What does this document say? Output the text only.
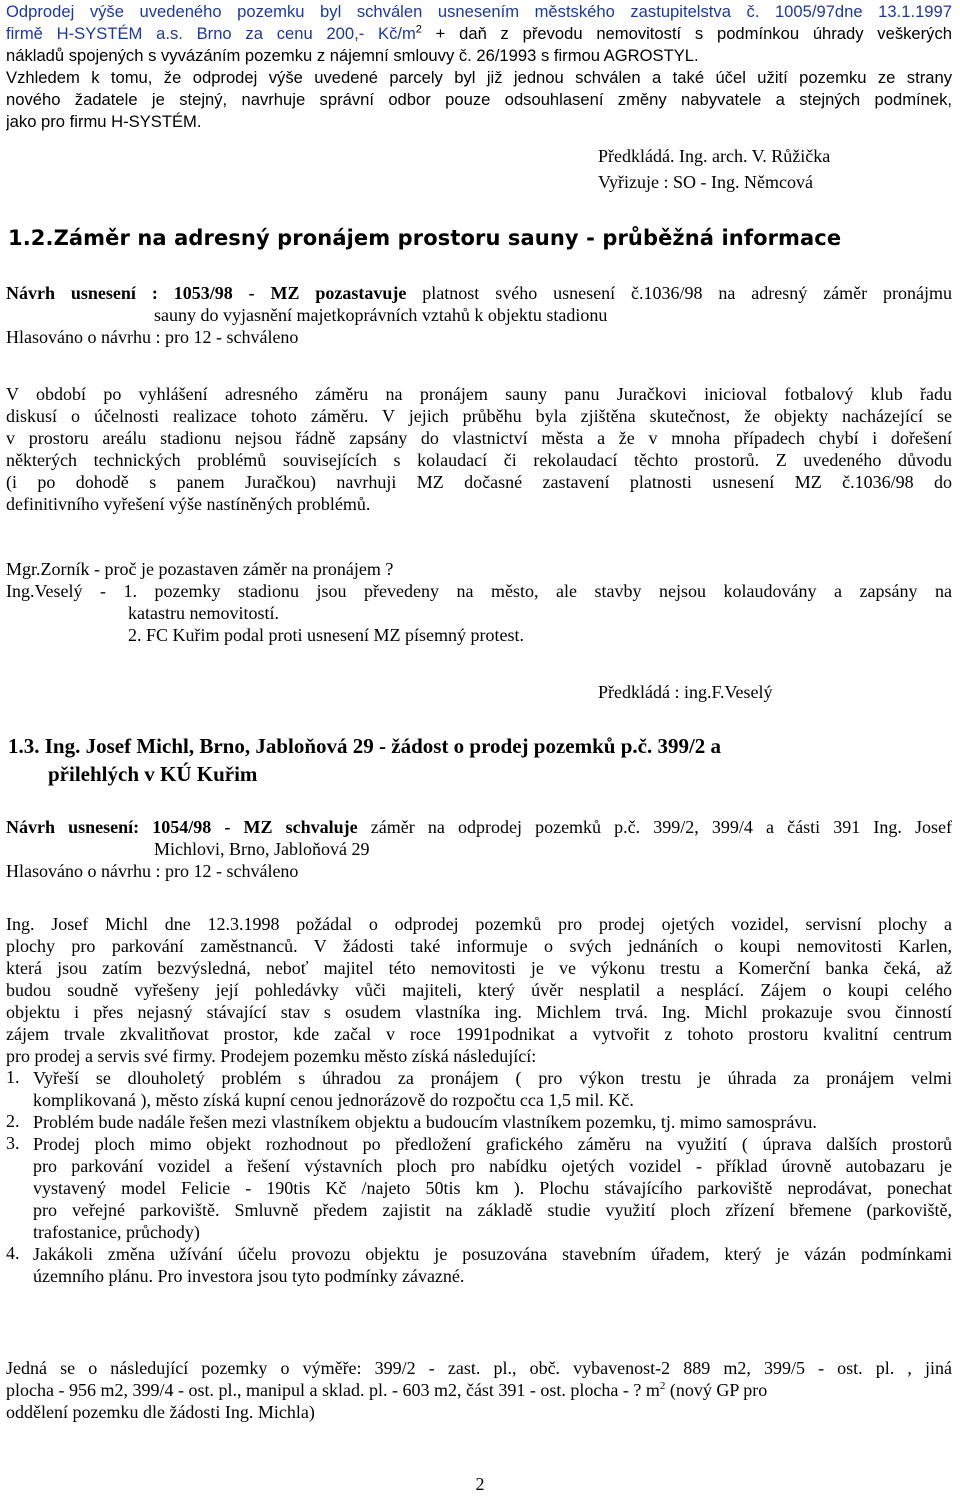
Odprodej výše uvedeného pozemku byl schválen usnesením městského zastupitelstva č. 1005/97dne 13.1.1997
firmě H-SYSTÉM a.s. Brno za cenu 200,- $Kč/m^2$ + daň z převodu nemovitostí s podmínkou úhrady veškerých
nákladů spojených s vyvázáním pozemku z nájemní smlouvy č. 26/1993 s firmou AGROSTYL.
Vzhledem k tomu, že odprodej výše uvedené parcely byl již jednou schválen a také účel užití pozemku ze strany
nového žadatele je stejný, navrhuje správní odbor pouze odsouhlasení změny nabyvatele a stejných podmínek,
jako pro firmu H-SYSTÉM.
Předkládá. Ing. arch. V. Růžička
Vyřizuje : SO - Ing. Němcová
1.2.Záměr na adresný pronájem prostoru sauny - průběžná informace
Návrh usnesení : 1053/98 - MZ pozastavuje platnost svého usnesení č.1036/98 na adresný záměr pronájmu
sauny do vyjasnění majetkoprávních vztahů k objektu stadionu
Hlasováno o návrhu : pro 12 - schváleno
V období po vyhlášení adresného záměru na pronájem sauny panu Juračkovi inicioval fotbalový klub řadu
diskusí o účelnosti realizace tohoto záměru. V jejich průběhu byla zjištěna skutečnost, že objekty nacházející se
v prostoru areálu stadionu nejsou řádně zapsány do vlastnictví města a že v mnoha případech chybí i dořešení
některých technických problémů souvisejících s kolaudací či rekolaudací těchto prostorů. Z uvedeného důvodu
(i po dohodě s panem Juračkou) navrhuji MZ dočasné zastavení platnosti usnesení MZ č.1036/98 do
definitivního vyřešení výše nastíněných problémů.
Mgr.Zorník - proč je pozastaven záměr na pronájem ?
Ing.Veselý - 1. pozemky stadionu jsou převedeny na město, ale stavby nejsou kolaudovány a zapsány na
katastru nemovitostí.
2. FC Kuřim podal proti usnesení MZ písemný protest.
Předkládá : ing.F.Veselý
1.3. Ing. Josef Michl, Brno, Jabloňová 29 - žádost o prodej pozemků p.č. 399/2 a
přilehlých v KÚ Kuřim
Návrh usnesení: 1054/98 - MZ schvaluje záměr na odprodej pozemků p.č. 399/2, 399/4 a části 391 Ing. Josef
Michlovi, Brno, Jabloňová 29
Hlasováno o návrhu : pro 12 - schváleno
Ing. Josef Michl dne 12.3.1998 požádal o odprodej pozemků pro prodej ojetých vozidel, servisní plochy a
plochy pro parkování zaměstnanců. V žádosti také informuje o svých jednáních o koupi nemovitosti Karlen,
která jsou zatím bezvýsledná, neboť majitel této nemovitosti je ve výkonu trestu a Komerční banka čeká, až
budou soudně vyřešeny její pohledávky vůči majiteli, který úvěr nesplatil a nesplácí. Zájem o koupi celého
objektu i přes nejasný stávající stav s osudem vlastníka ing. Michlem trvá. Ing. Michl prokazuje svou činností
zájem trvale zkvalitňovat prostor, kde začal v roce 1991podnikat a vytvořit z tohoto prostoru kvalitní centrum
pro prodej a servis své firmy. Prodejem pozemku město získá následující:
1. Vyřeší se dlouholetý problém s úhradou za pronájem ( pro výkon trestu je úhrada za pronájem velmi
komplikovaná ), město získá kupní cenou jednorázově do rozpočtu cca 1,5 mil. Kč.
2. Problém bude nadále řešen mezi vlastníkem objektu a budoucím vlastníkem pozemku, tj. mimo samosprávu.
3. Prodej ploch mimo objekt rozhodnout po předložení grafického záměru na využití ( úprava dalších prostorů
pro parkování vozidel a řešení výstavních ploch pro nabídku ojetých vozidel - příklad úrovně autobazaru je
vystavený model Felicie - 190tis Kč /najeto 50tis km ). Plochu stávajícího parkoviště neprodávat, ponechat
pro veřejné parkoviště. Smluvně předem zajistit na základě studie využití ploch zřízení břemene (parkoviště,
trafostanice, průchody)
4. Jakákoli změna užívání účelu provozu objektu je posuzována stavebním úřadem, který je vázán podmínkami
územního plánu. Pro investora jsou tyto podmínky závazné.
Jedná se o následující pozemky o výměře: 399/2 - zast. pl., obč. vybavenost-2 889 m2, 399/5 - ost. pl. , jiná
plocha - 956 m2, 399/4 - ost. pl., manipul a sklad. pl. - 603 m2, část 391 - ost. plocha - ? $m^2$ (nový GP pro
oddělení pozemku dle žádosti Ing. Michla)
2
